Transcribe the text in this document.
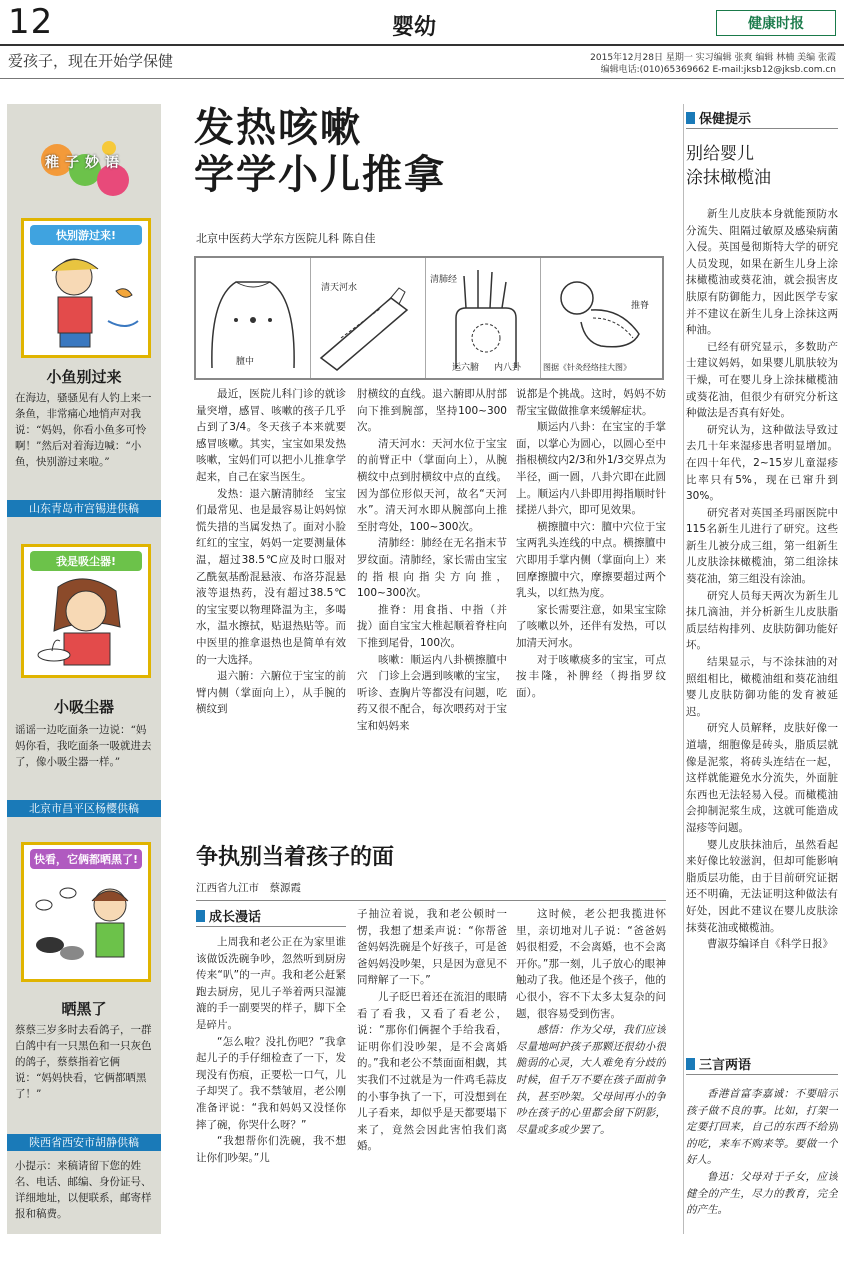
12	婴幼	健康时报
爱孩子，现在开始学保健	2015年12月28日 星期一 实习编辑 张爽 编辑 林楠 美编 张霞
编辑电话:(010)65369662 E-mail:jksb12@jksb.com.cn
稚子妙语
快别游过来!
小鱼别过来
在海边，骚骚见有人钓上来一条鱼，非常痛心地悄声对我说：“妈妈，你看小鱼多可怜啊！”然后对着海边喊：“小鱼，快别游过来啦。”
山东青岛市宫锡进供稿
我是吸尘器!
小吸尘器
谣谣一边吃面条一边说：“妈妈你看，我吃面条一吸就进去了，像小吸尘器一样。”
北京市昌平区杨樱供稿
快看，它俩都晒黑了!
晒黑了
蔡蔡三岁多时去看鸽子，一群白鸽中有一只黑色和一只灰色的鸽子，蔡蔡指着它俩说：“妈妈快看，它俩都晒黑了！”
陕西省西安市胡静供稿
小提示：来稿请留下您的姓名、电话、邮编、身份证号、详细地址，以便联系，邮寄样报和稿费。
发热咳嗽
学学小儿推拿
北京中医药大学东方医院儿科 陈自佳
膻中
清天河水
清肺经
运六腑 内八卦
推脊
图据《针灸经络挂大图》

最近，医院儿科门诊的就诊量突增，感冒、咳嗽的孩子几乎占到了3/4。冬天孩子本来就要感冒咳嗽。其实，宝宝如果发热咳嗽，宝妈们可以把小儿推拿学起来，自己在家当医生。

发热：退六腑清肺经　宝宝们最常见、也是最容易让妈妈惊慌失措的当属发热了。面对小脸红红的宝宝，妈妈一定要测量体温，超过38.5℃应及时口服对乙酰氨基酚混悬液、布洛芬混悬液等退热药，没有超过38.5℃的宝宝要以物理降温为主，多喝水，温水擦拭，贴退热贴等。而中医里的推拿退热也是简单有效的一大选择。

退六腑：六腑位于宝宝的前臂内侧（掌面向上），从手腕的横纹到

肘横纹的直线。退六腑即从肘部向下推到腕部，坚持100~300次。

清天河水：天河水位于宝宝的前臂正中（掌面向上），从腕横纹中点到肘横纹中点的直线。因为部位形似天河，故名“天河水”。清天河水即从腕部向上推至肘弯处，100~300次。

清肺经：肺经在无名指末节罗纹面。清肺经，家长需由宝宝的指根向指尖方向推，100~300次。

推脊：用食指、中指（并拢）面自宝宝大椎起顺着脊柱向下推到尾骨，100次。

咳嗽：顺运内八卦横擦膻中穴　门诊上会遇到咳嗽的宝宝，听诊、查胸片等都没有问题，吃药又很不配合，每次喂药对于宝宝和妈妈来

说都是个挑战。这时，妈妈不妨帮宝宝做做推拿来缓解症状。

顺运内八卦：在宝宝的手掌面，以掌心为圆心，以圆心至中指根横纹内2/3和外1/3交界点为半径，画一圆，八卦穴即在此圆上。顺运内八卦即用拇指顺时针揉搓八卦穴，即可见效果。

横擦膻中穴：膻中穴位于宝宝两乳头连线的中点。横擦膻中穴即用手掌内侧（掌面向上）来回摩擦膻中穴，摩擦要超过两个乳头，以红热为度。

家长需要注意，如果宝宝除了咳嗽以外，还伴有发热，可以加清天河水。

对于咳嗽痰多的宝宝，可点按丰隆，补脾经（拇指罗纹面）。

争执别当着孩子的面
江西省九江市　蔡源霞
成长漫话

上周我和老公正在为家里谁该做饭洗碗争吵，忽然听到厨房传来“叭”的一声。我和老公赶紧跑去厨房，见儿子举着两只湿漉漉的手一副要哭的样子，脚下全是碎片。

“怎么啦？没扎伤吧？”我拿起儿子的手仔细检查了一下，发现没有伤痕，正要松一口气，儿子却哭了。我不禁皱眉，老公刚准备评说：“我和妈妈又没怪你摔了碗，你哭什么呀？”

“我想帮你们洗碗，我不想让你们吵架。”儿

子抽泣着说，我和老公顿时一愣，我想了想柔声说：“你帮爸爸妈妈洗碗是个好孩子，可是爸爸妈妈没吵架，只是因为意见不同辩解了一下。”

儿子眨巴着还在流泪的眼睛看了看我，又看了看老公，说：“那你们俩握个手给我看，证明你们没吵架，是不会离婚的。”我和老公不禁面面相觑，其实我们不过就是为一件鸡毛蒜皮的小事争执了一下，可没想到在儿子看来，却似乎是天都要塌下来了，竟然会因此害怕我们离婚。

这时候，老公把我揽进怀里，亲切地对儿子说：“爸爸妈妈很相爱，不会离婚，也不会离开你。”那一刻，儿子放心的眼神触动了我。他还是个孩子，他的心很小，容不下太多太复杂的问题，很容易受到伤害。

感悟：作为父母，我们应该尽量地呵护孩子那颗还很幼小很脆弱的心灵，大人难免有分歧的时候，但千万不要在孩子面前争执，甚至吵架。父母间再小的争吵在孩子的心里都会留下阴影，尽量或多或少罢了。

保健提示
别给婴儿
涂抹橄榄油

新生儿皮肤本身就能预防水分流失、阻隔过敏原及感染病菌入侵。英国曼彻斯特大学的研究人员发现，如果在新生儿身上涂抹橄榄油或葵花油，就会损害皮肤原有防御能力，因此医学专家并不建议在新生儿身上涂抹这两种油。

已经有研究显示，多数助产士建议妈妈，如果婴儿肌肤较为干燥，可在婴儿身上涂抹橄榄油或葵花油，但很少有研究分析这种做法是否真有好处。

研究认为，这种做法导致过去几十年来湿疹患者明显增加。在四十年代，2~15岁儿童湿疹比率只有5%，现在已窜升到30%。

研究者对英国圣玛丽医院中115名新生儿进行了研究。这些新生儿被分成三组，第一组新生儿皮肤涂抹橄榄油，第二组涂抹葵花油，第三组没有涂油。

研究人员每天两次为新生儿抹几滴油，并分析新生儿皮肤脂质层结构排列、皮肤防御功能好坏。

结果显示，与不涂抹油的对照组相比，橄榄油组和葵花油组婴儿皮肤防御功能的发育被延迟。

研究人员解释，皮肤好像一道墙，细胞像是砖头，脂质层就像是泥浆，将砖头连结在一起，这样就能避免水分流失，外面脏东西也无法轻易入侵。而橄榄油会抑制泥浆生成，这就可能造成湿疹等问题。

婴儿皮肤抹油后，虽然看起来好像比较滋润，但却可能影响脂质层功能，由于目前研究证据还不明确，无法证明这种做法有好处，因此不建议在婴儿皮肤涂抹葵花油或橄榄油。

曹淑芬编译自《科学日报》

三言两语

香港首富李嘉诚：不要暗示孩子做不良的事。比如，打架一定要打回来，自己的东西不给别的吃，来车不购来等。要做一个好人。

鲁迅：父母对于子女，应该健全的产生，尽力的教育，完全的产生。
